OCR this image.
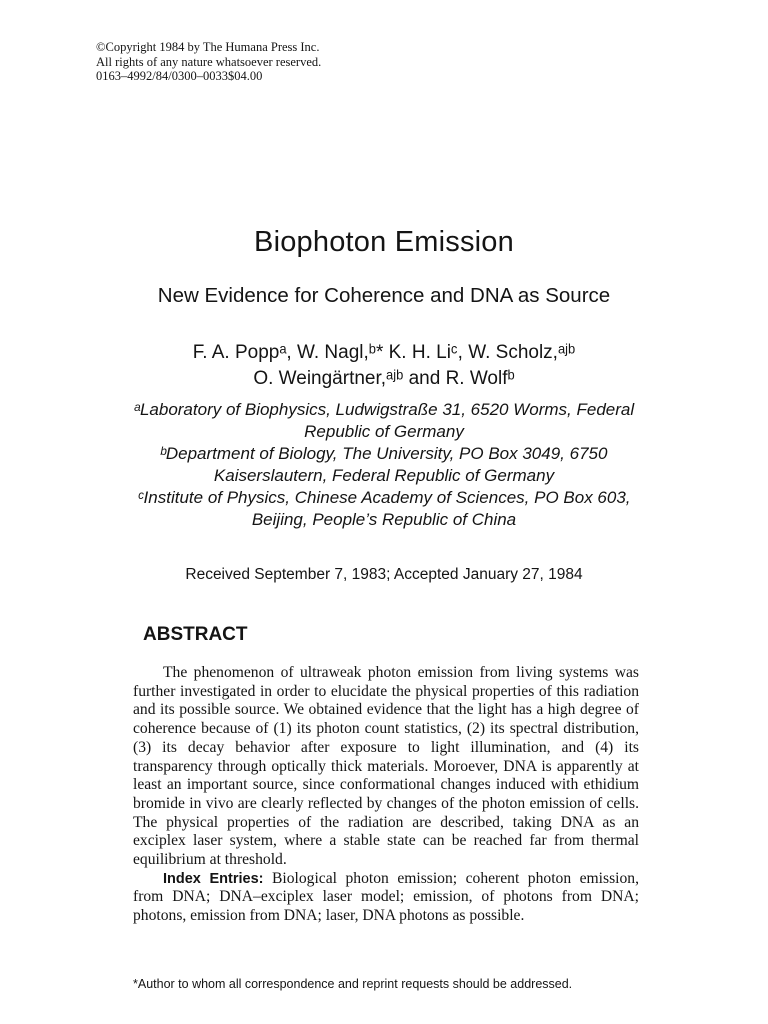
©Copyright 1984 by The Humana Press Inc.
All rights of any nature whatsoever reserved.
0163–4992/84/0300–0033$04.00
Biophoton Emission
New Evidence for Coherence and DNA as Source
F. A. Poppᵃ, W. Nagl,ᵇ* K. H. Liᶜ, W. Scholz,ᵃʲᵇ
O. Weingärtner,ᵃʲᵇ and R. Wolfᵇ
ᵃLaboratory of Biophysics, Ludwigstraße 31, 6520 Worms, Federal
Republic of Germany
ᵇDepartment of Biology, The University, PO Box 3049, 6750
Kaiserslautern, Federal Republic of Germany
ᶜInstitute of Physics, Chinese Academy of Sciences, PO Box 603,
Beijing, People’s Republic of China
Received September 7, 1983; Accepted January 27, 1984
ABSTRACT

The phenomenon of ultraweak photon emission from living systems was further investigated in order to elucidate the physical properties of this radiation and its possible source. We obtained evidence that the light has a high degree of coherence because of (1) its photon count statistics, (2) its spectral distribution, (3) its decay behavior after exposure to light illumination, and (4) its transparency through optically thick materials. Moroever, DNA is apparently at least an important source, since conformational changes induced with ethidium bromide in vivo are clearly reflected by changes of the photon emission of cells. The physical properties of the radiation are described, taking DNA as an exciplex laser system, where a stable state can be reached far from thermal equilibrium at threshold.

Index Entries: Biological photon emission; coherent photon emission, from DNA; DNA–exciplex laser model; emission, of photons from DNA; photons, emission from DNA; laser, DNA photons as possible.

*Author to whom all correspondence and reprint requests should be addressed.
